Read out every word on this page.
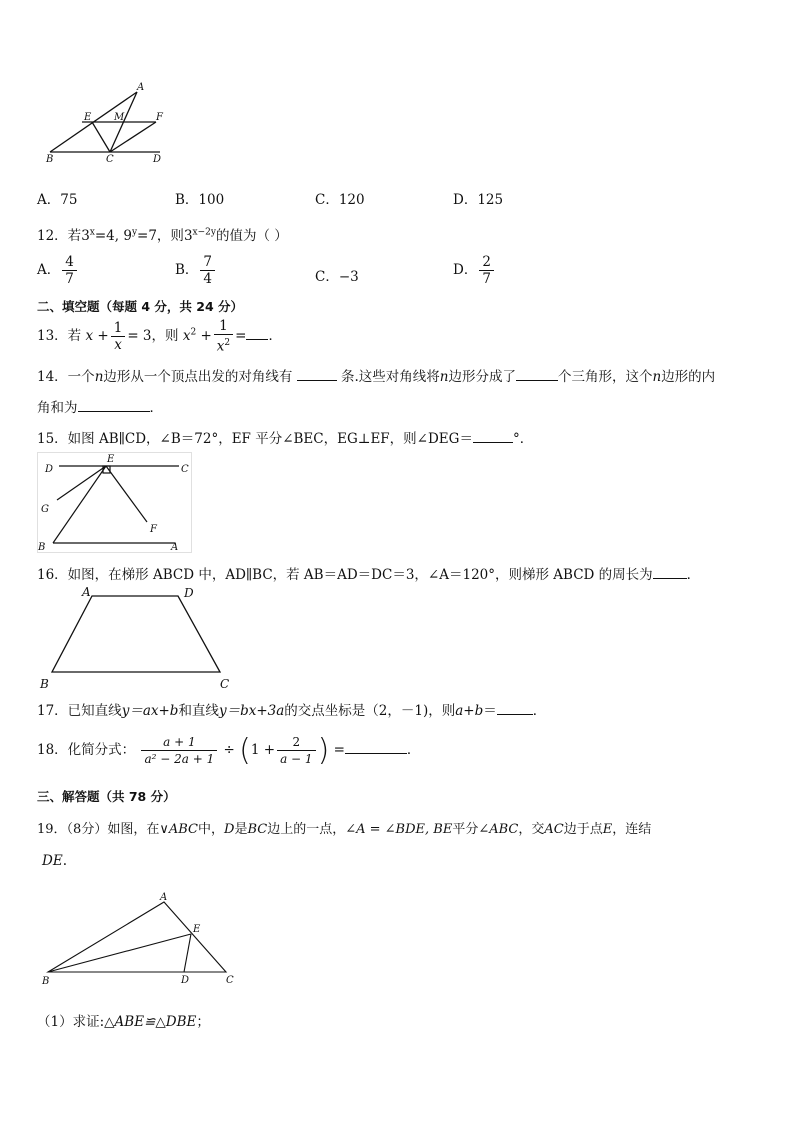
A
E M	F
B	C	D
A．75	B．100	C．120	D．125
12．若$3^x=4$, $9^y=7$，则$3^{x-2y}$的值为（ ）
A． $\frac{4}{7}$	B． $\frac{7}{4}$	C．−3	D． $\frac{2}{7}$
二、填空题（每题 4 分，共 24 分）
13．若 $x + \frac{1}{x} = 3$，则 $x^2 + \frac{1}{x^2}$ = ．
14．一个n边形从一个顶点出发的对角线有	条.这些对角线将n边形分成了	个三角形，这个n边形的内
角和为	．
15．如图 AB∥CD，∠B＝72°，EF 平分∠BEC，EG⊥EF，则∠DEG＝	°．
D
E
C
G
F
B	A
16．如图，在梯形 ABCD 中，AD∥BC，若 AB＝AD＝DC＝3，∠A＝120°，则梯形 ABCD 的周长为	．
A	D
B	C
17．已知直线y＝ax+b和直线y＝bx+3a的交点坐标是（2，－1)，则a+b＝	．
18．化简分式： $\frac{a + 1}{\text{a² − 2a + 1}} \div (1 + \frac{2}{a - 1}$ ) =	．
三、解答题（共 78 分）
19．（8分）如图，在∨ABC中，D是BC边上的一点，∠A = ∠BDE, BE平分∠ABC，交AC边于点E，连结
DE.
A
E
B	D	C
（1）求证:△ABE≌△DBE；
